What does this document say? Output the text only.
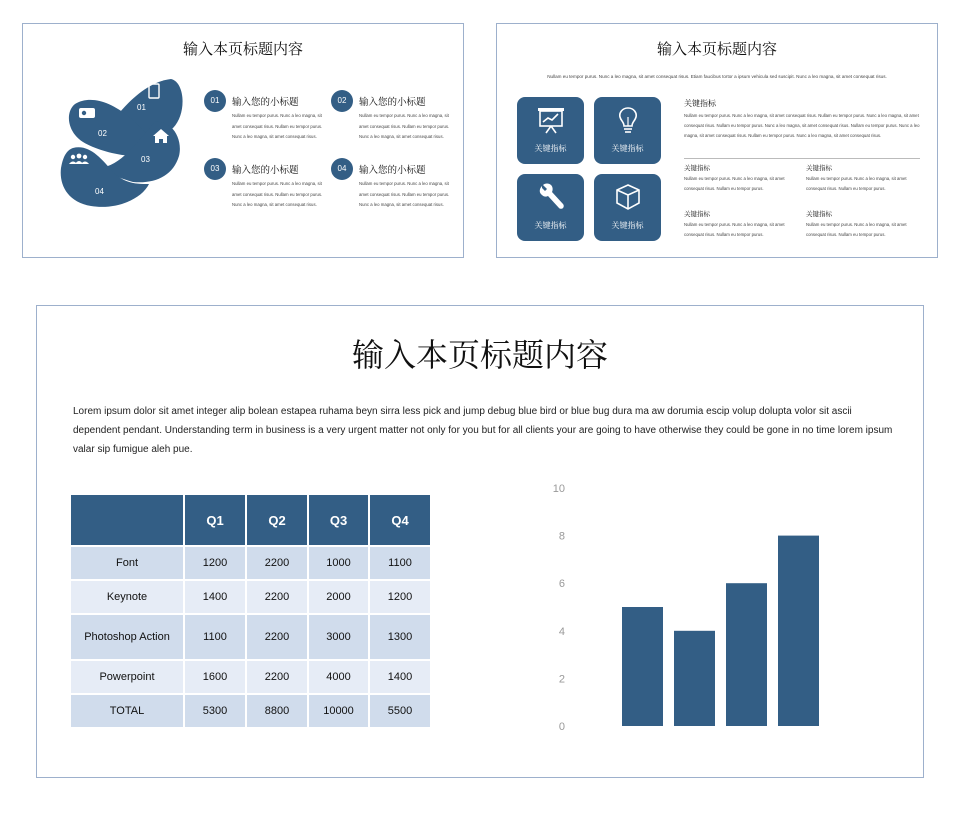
输入本页标题内容
01
02
03
04
01	输入您的小标题
Nullam eu tempor purus. Nunc a leo magna, sit amet consequat risus. Nullam eu tempor purus. Nunc a leo magna, sit amet consequat risus.
02	输入您的小标题
Nullam eu tempor purus. Nunc a leo magna, sit amet consequat risus. Nullam eu tempor purus. Nunc a leo magna, sit amet consequat risus.
03	输入您的小标题
Nullam eu tempor purus. Nunc a leo magna, sit amet consequat risus. Nullam eu tempor purus. Nunc a leo magna, sit amet consequat risus.
04	输入您的小标题
Nullam eu tempor purus. Nunc a leo magna, sit amet consequat risus. Nullam eu tempor purus. Nunc a leo magna, sit amet consequat risus.
输入本页标题内容
Nullam eu tempor purus. Nunc a leo magna, sit amet consequat risus. Etiam faucibus tortor a ipsum vehicula sed suscipit. Nunc a leo magna, sit amet consequat risus.
关键指标	关键指标
关键指标	关键指标
关键指标
Nullam eu tempor purus. Nunc a leo magna, sit amet consequat risus. Nullam eu tempor purus. Nunc a leo magna, sit amet consequat risus. Nullam eu tempor purus. Nunc a leo magna, sit amet consequat risus. Nullam eu tempor purus. Nunc a leo magna, sit amet consequat risus. Nullam eu tempor purus. Nunc a leo magna, sit amet consequat risus.
关键指标
Nullam eu tempor purus. Nunc a leo magna, sit amet consequat risus. Nullam eu tempor purus.
关键指标
Nullam eu tempor purus. Nunc a leo magna, sit amet consequat risus. Nullam eu tempor purus.
关键指标
Nullam eu tempor purus. Nunc a leo magna, sit amet consequat risus. Nullam eu tempor purus.
关键指标
Nullam eu tempor purus. Nunc a leo magna, sit amet consequat risus. Nullam eu tempor purus.
输入本页标题内容
Lorem ipsum dolor sit amet integer alip bolean estapea ruhama beyn sirra less pick and jump debug blue bird or blue bug dura ma aw dorumia escip volup dolupta volor sit ascii dependent pendant. Understanding term in business is a very urgent matter not only for you but for all clients your are going to have otherwise they could be gone in no time lorem ipsum valar sip fumigue aleh pue.
	Q1	Q2	Q3	Q4
Font	1200	2200	1000	1100
Keynote	1400	2200	2000	1200
Photoshop Action	1100	2200	3000	1300
Powerpoint	1600	2200	4000	1400
TOTAL	5300	8800	10000	5500
0
2
4
6
8
10
